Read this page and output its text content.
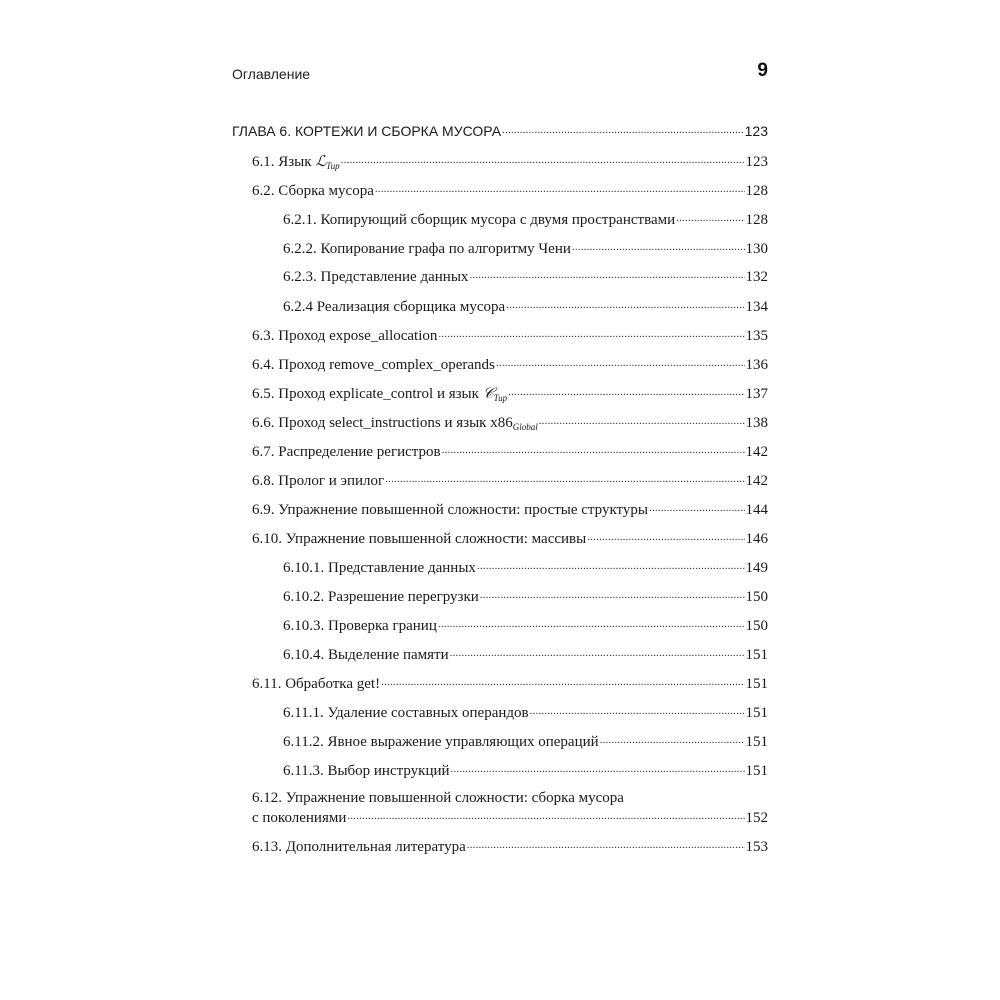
Оглавление	9
ГЛАВА 6. КОРТЕЖИ И СБОРКА МУСОРА .....	123
6.1. Язык ℒ$_{Tup}$ .....	123
6.2. Сборка мусора .....	128
6.2.1. Копирующий сборщик мусора с двумя пространствами .....	128
6.2.2. Копирование графа по алгоритму Чени .....	130
6.2.3. Представление данных .....	132
6.2.4 Реализация сборщика мусора .....	134
6.3. Проход expose_allocation .....	135
6.4. Проход remove_complex_operands .....	136
6.5. Проход explicate_control и язык 𝒞$_{Tup}$ .....	137
6.6. Проход select_instructions и язык $x86_{Global}$ .....	138
6.7. Распределение регистров .....	142
6.8. Пролог и эпилог .....	142
6.9. Упражнение повышенной сложности: простые структуры .....	144
6.10. Упражнение повышенной сложности: массивы .....	146
6.10.1. Представление данных .....	149
6.10.2. Разрешение перегрузки .....	150
6.10.3. Проверка границ .....	150
6.10.4. Выделение памяти .....	151
6.11. Обработка get! .....	151
6.11.1. Удаление составных операндов .....	151
6.11.2. Явное выражение управляющих операций .....	151
6.11.3. Выбор инструкций .....	151
6.12. Упражнение повышенной сложности: сборка мусора
с поколениями .....	152
6.13. Дополнительная литература .....	153
